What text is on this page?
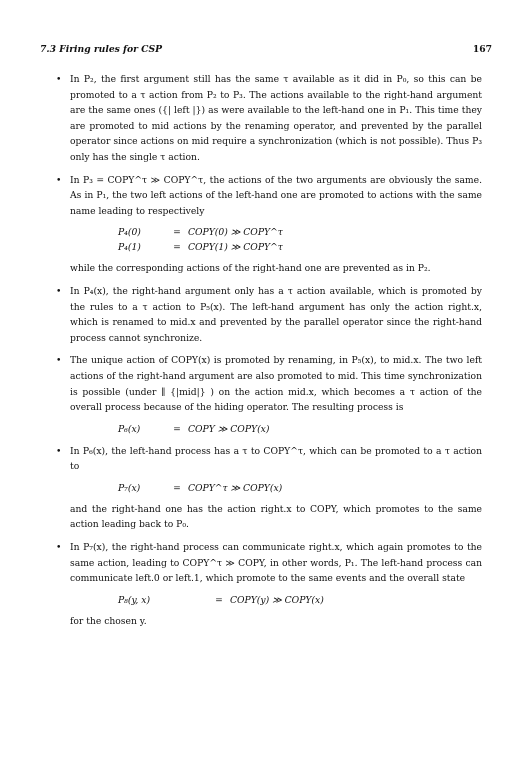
7.3 Firing rules for CSP	167
• In P₂, the first argument still has the same τ available as it did in P₀, so this can be promoted to a τ action from P₂ to P₃. The actions available to the right-hand argument are the same ones ({| left |}) as were available to the left-hand one in P₁. This time they are promoted to mid actions by the renaming operator, and prevented by the parallel operator since actions on mid require a synchronization (which is not possible). Thus P₃ only has the single τ action.

• In P₃ = COPY^τ ≫ COPY^τ, the actions of the two arguments are obviously the same. As in P₁, the two left actions of the left-hand one are promoted to actions with the same name leading to respectively

P₄(0)	= COPY(0) ≫ COPY^τ
P₄(1)	= COPY(1) ≫ COPY^τ

while the corresponding actions of the right-hand one are prevented as in P₂.

• In P₄(x), the right-hand argument only has a τ action available, which is promoted by the rules to a τ action to P₅(x). The left-hand argument has only the action right.x, which is renamed to mid.x and prevented by the parallel operator since the right-hand process cannot synchronize.

• The unique action of COPY(x) is promoted by renaming, in P₅(x), to mid.x. The two left actions of the right-hand argument are also promoted to mid. This time synchronization is possible (under ∥ {|mid|} ) on the action mid.x, which becomes a τ action of the overall process because of the hiding operator. The resulting process is

P₆(x)	= COPY ≫ COPY(x)
• In P₆(x), the left-hand process has a τ to COPY^τ, which can be promoted to a τ action to

P₇(x)	= COPY^τ ≫ COPY(x)

and the right-hand one has the action right.x to COPY, which promotes to the same action leading back to P₀.

• In P₇(x), the right-hand process can communicate right.x, which again promotes to the same action, leading to COPY^τ ≫ COPY, in other words, P₁. The left-hand process can communicate left.0 or left.1, which promote to the same events and the overall state

P₈(y, x)	= COPY(y) ≫ COPY(x)

for the chosen y.
